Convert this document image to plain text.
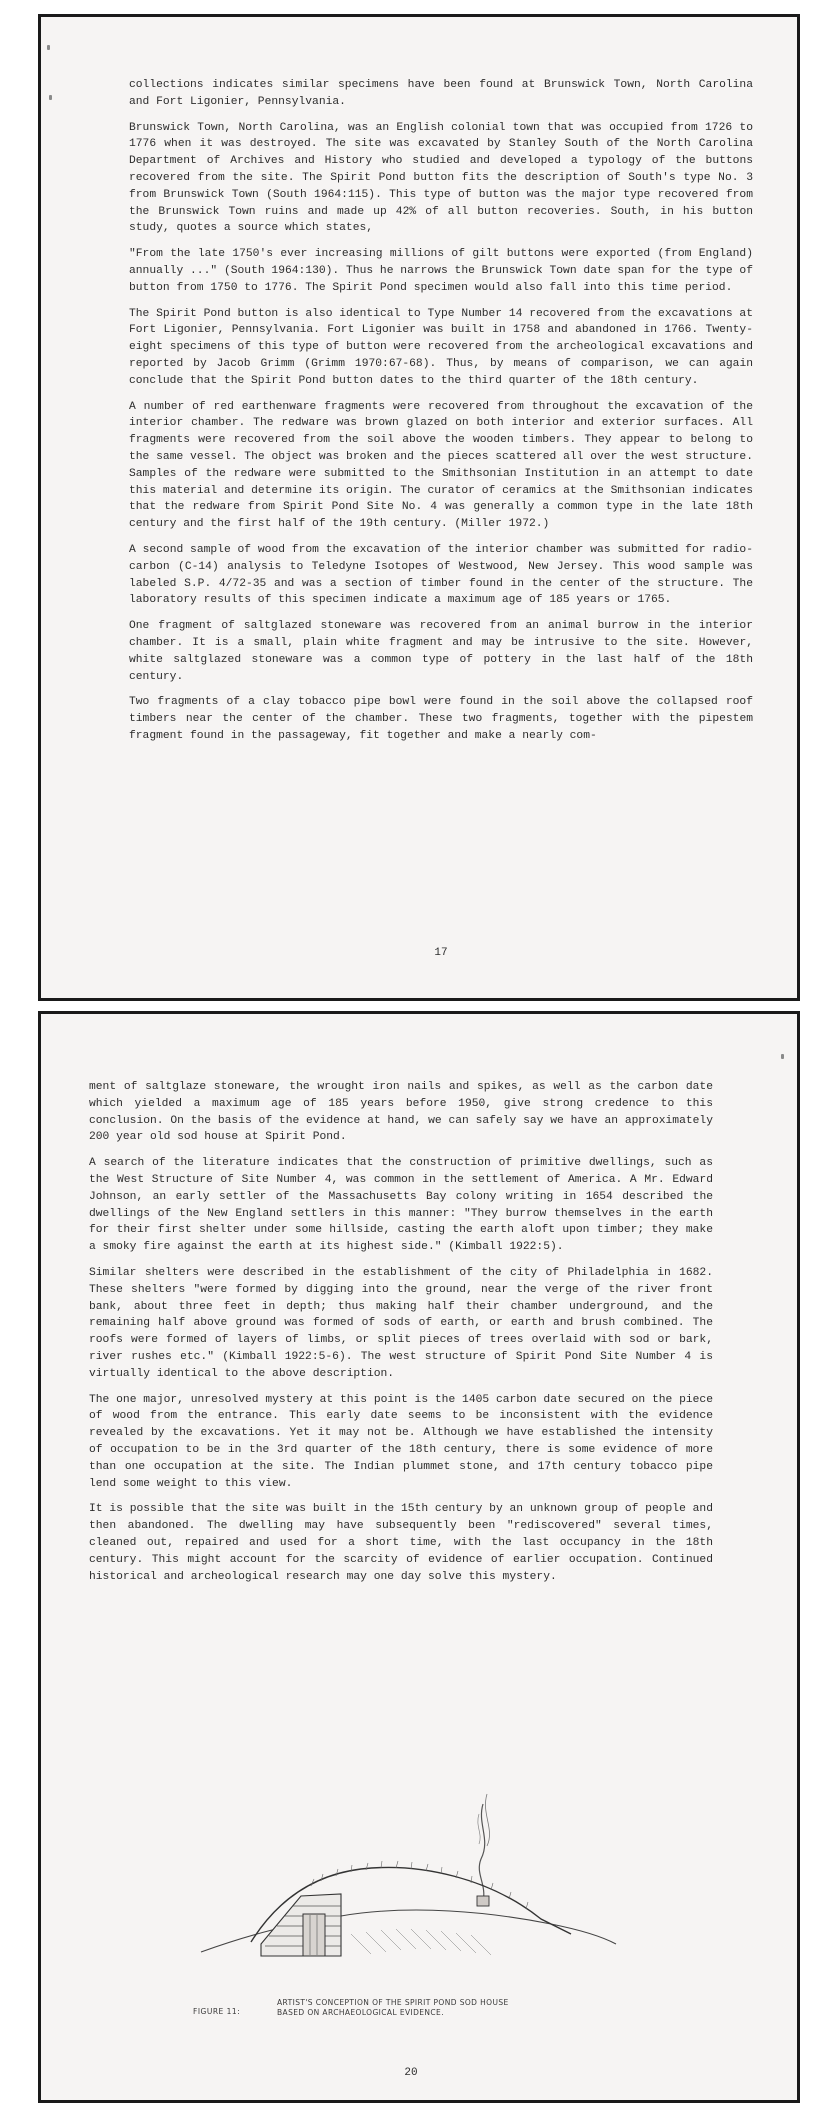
collections indicates similar specimens have been found at Brunswick Town, North Carolina and Fort Ligonier, Pennsylvania.

Brunswick Town, North Carolina, was an English colonial town that was occupied from 1726 to 1776 when it was destroyed. The site was excavated by Stanley South of the North Carolina Department of Archives and History who studied and developed a typology of the buttons recovered from the site. The Spirit Pond button fits the description of South's type No. 3 from Brunswick Town (South 1964:115). This type of button was the major type recovered from the Brunswick Town ruins and made up 42% of all button recoveries. South, in his button study, quotes a source which states,

"From the late 1750's ever increasing millions of gilt buttons were exported (from England) annually ..." (South 1964:130). Thus he narrows the Brunswick Town date span for the type of button from 1750 to 1776. The Spirit Pond specimen would also fall into this time period.

The Spirit Pond button is also identical to Type Number 14 recovered from the excavations at Fort Ligonier, Pennsylvania. Fort Ligonier was built in 1758 and abandoned in 1766. Twenty-eight specimens of this type of button were recovered from the archeological excavations and reported by Jacob Grimm (Grimm 1970:67-68). Thus, by means of comparison, we can again conclude that the Spirit Pond button dates to the third quarter of the 18th century.

A number of red earthenware fragments were recovered from throughout the excavation of the interior chamber. The redware was brown glazed on both interior and exterior surfaces. All fragments were recovered from the soil above the wooden timbers. They appear to belong to the same vessel. The object was broken and the pieces scattered all over the west structure. Samples of the redware were submitted to the Smithsonian Institution in an attempt to date this material and determine its origin. The curator of ceramics at the Smithsonian indicates that the redware from Spirit Pond Site No. 4 was generally a common type in the late 18th century and the first half of the 19th century. (Miller 1972.)

A second sample of wood from the excavation of the interior chamber was submitted for radio-carbon (C-14) analysis to Teledyne Isotopes of Westwood, New Jersey. This wood sample was labeled S.P. 4/72-35 and was a section of timber found in the center of the structure. The laboratory results of this specimen indicate a maximum age of 185 years or 1765.

One fragment of saltglazed stoneware was recovered from an animal burrow in the interior chamber. It is a small, plain white fragment and may be intrusive to the site. However, white saltglazed stoneware was a common type of pottery in the last half of the 18th century.

Two fragments of a clay tobacco pipe bowl were found in the soil above the collapsed roof timbers near the center of the chamber. These two fragments, together with the pipestem fragment found in the passageway, fit together and make a nearly com-

17

ment of saltglaze stoneware, the wrought iron nails and spikes, as well as the carbon date which yielded a maximum age of 185 years before 1950, give strong credence to this conclusion. On the basis of the evidence at hand, we can safely say we have an approximately 200 year old sod house at Spirit Pond.

A search of the literature indicates that the construction of primitive dwellings, such as the West Structure of Site Number 4, was common in the settlement of America. A Mr. Edward Johnson, an early settler of the Massachusetts Bay colony writing in 1654 described the dwellings of the New England settlers in this manner: "They burrow themselves in the earth for their first shelter under some hillside, casting the earth aloft upon timber; they make a smoky fire against the earth at its highest side." (Kimball 1922:5).

Similar shelters were described in the establishment of the city of Philadelphia in 1682. These shelters "were formed by digging into the ground, near the verge of the river front bank, about three feet in depth; thus making half their chamber underground, and the remaining half above ground was formed of sods of earth, or earth and brush combined. The roofs were formed of layers of limbs, or split pieces of trees overlaid with sod or bark, river rushes etc." (Kimball 1922:5-6). The west structure of Spirit Pond Site Number 4 is virtually identical to the above description.

The one major, unresolved mystery at this point is the 1405 carbon date secured on the piece of wood from the entrance. This early date seems to be inconsistent with the evidence revealed by the excavations. Yet it may not be. Although we have established the intensity of occupation to be in the 3rd quarter of the 18th century, there is some evidence of more than one occupation at the site. The Indian plummet stone, and 17th century tobacco pipe lend some weight to this view.

It is possible that the site was built in the 15th century by an unknown group of people and then abandoned. The dwelling may have subsequently been "rediscovered" several times, cleaned out, repaired and used for a short time, with the last occupancy in the 18th century. This might account for the scarcity of evidence of earlier occupation. Continued historical and archeological research may one day solve this mystery.

FIGURE 11:
ARTIST'S CONCEPTION OF THE SPIRIT POND SOD HOUSE
BASED ON ARCHAEOLOGICAL EVIDENCE.
20
